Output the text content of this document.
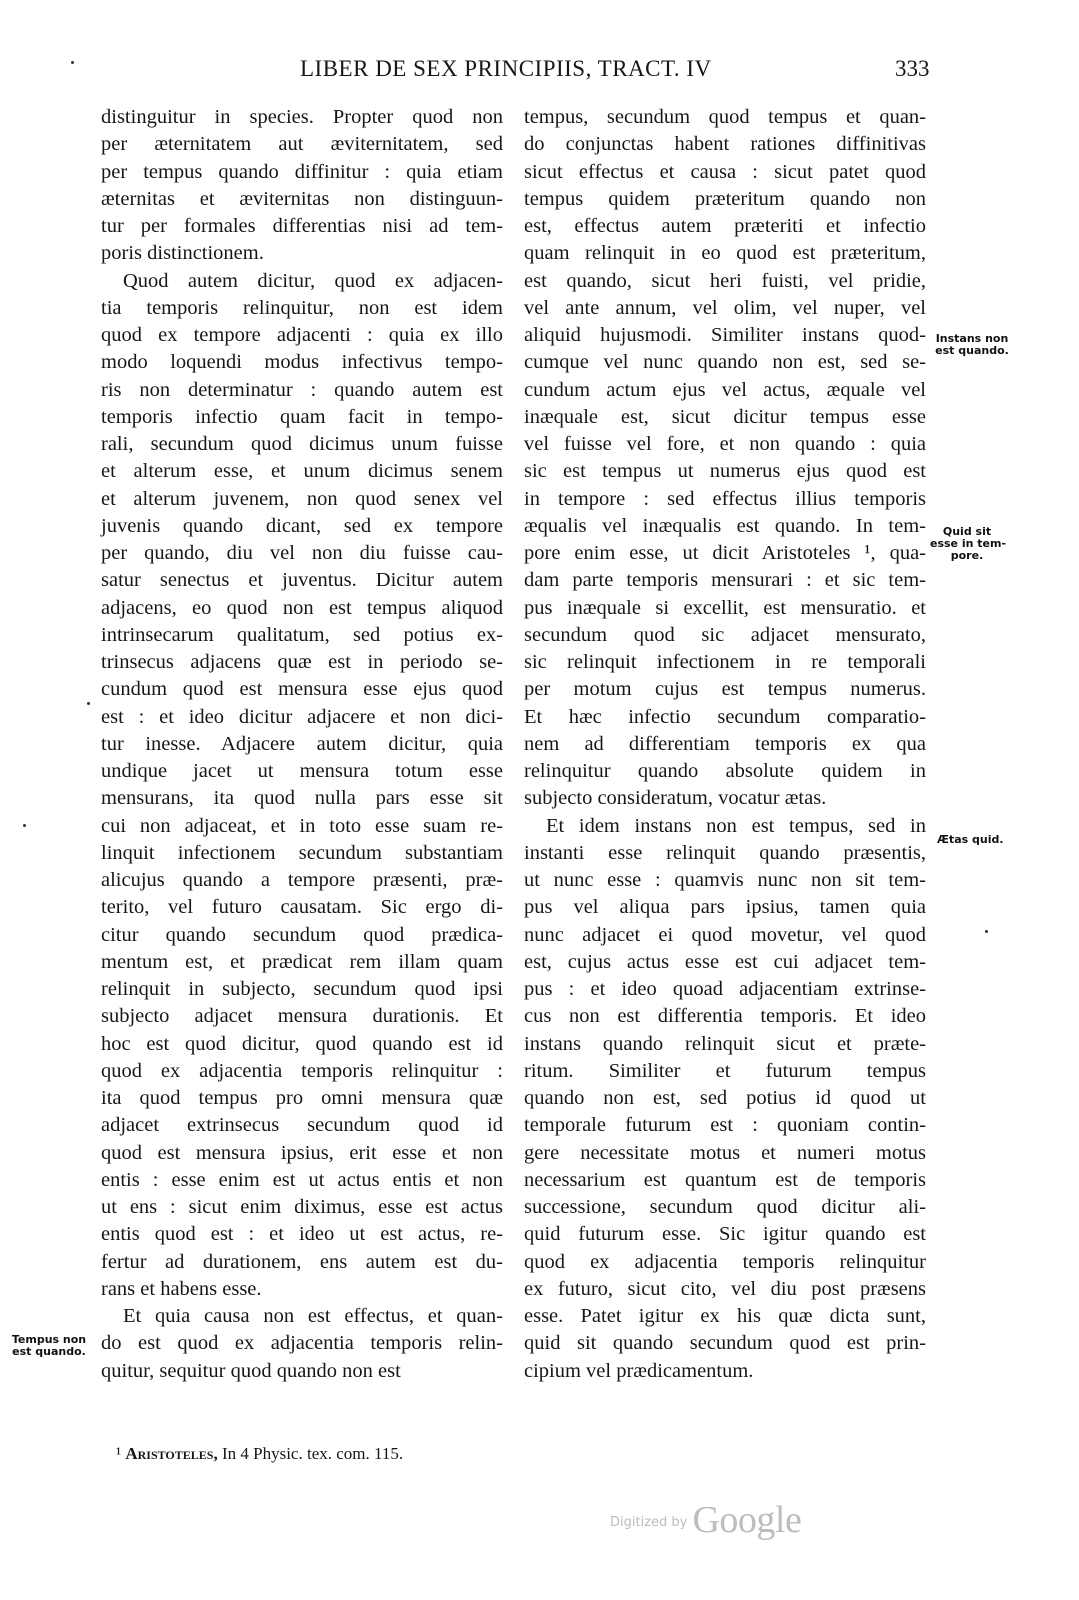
LIBER DE SEX PRINCIPIIS, TRACT. IV	333
distinguitur in species. Propter quod non
per æternitatem aut æviternitatem, sed
per tempus quando diffinitur : quia etiam
æternitas et æviternitas non distinguun-
tur per formales differentias nisi ad tem-
poris distinctionem.
Quod autem dicitur, quod ex adjacen-
tia temporis relinquitur, non est idem
quod ex tempore adjacenti : quia ex illo
modo loquendi modus infectivus tempo-
ris non determinatur : quando autem est
temporis infectio quam facit in tempo-
rali, secundum quod dicimus unum fuisse
et alterum esse, et unum dicimus senem
et alterum juvenem, non quod senex vel
juvenis quando dicant, sed ex tempore
per quando, diu vel non diu fuisse cau-
satur senectus et juventus. Dicitur autem
adjacens, eo quod non est tempus aliquod
intrinsecarum qualitatum, sed potius ex-
trinsecus adjacens quæ est in periodo se-
cundum quod est mensura esse ejus quod
est : et ideo dicitur adjacere et non dici-
tur inesse. Adjacere autem dicitur, quia
undique jacet ut mensura totum esse
mensurans, ita quod nulla pars esse sit
cui non adjaceat, et in toto esse suam re-
linquit infectionem secundum substantiam
alicujus quando a tempore præsenti, præ-
terito, vel futuro causatam. Sic ergo di-
citur quando secundum quod prædica-
mentum est, et prædicat rem illam quam
relinquit in subjecto, secundum quod ipsi
subjecto adjacet mensura durationis. Et
hoc est quod dicitur, quod quando est id
quod ex adjacentia temporis relinquitur :
ita quod tempus pro omni mensura quæ
adjacet extrinsecus secundum quod id
quod est mensura ipsius, erit esse et non
entis : esse enim est ut actus entis et non
ut ens : sicut enim diximus, esse est actus
entis quod est : et ideo ut est actus, re-
fertur ad durationem, ens autem est du-
rans et habens esse.
Et quia causa non est effectus, et quan-
do est quod ex adjacentia temporis relin-
quitur, sequitur quod quando non est
tempus, secundum quod tempus et quan-
do conjunctas habent rationes diffinitivas
sicut effectus et causa : sicut patet quod
tempus quidem præteritum quando non
est, effectus autem præteriti et infectio
quam relinquit in eo quod est præteritum,
est quando, sicut heri fuisti, vel pridie,
vel ante annum, vel olim, vel nuper, vel
aliquid hujusmodi. Similiter instans quod-
cumque vel nunc quando non est, sed se-
cundum actum ejus vel actus, æquale vel
inæquale est, sicut dicitur tempus esse
vel fuisse vel fore, et non quando : quia
sic est tempus ut numerus ejus quod est
in tempore : sed effectus illius temporis
æqualis vel inæqualis est quando. In tem-
pore enim esse, ut dicit Aristoteles ¹, qua-
dam parte temporis mensurari : et sic tem-
pus inæquale si excellit, est mensuratio. et
secundum quod sic adjacet mensurato,
sic relinquit infectionem in re temporali
per motum cujus est tempus numerus.
Et hæc infectio secundum comparatio-
nem ad differentiam temporis ex qua
relinquitur quando absolute quidem in
subjecto consideratum, vocatur ætas.
Et idem instans non est tempus, sed in
instanti esse relinquit quando præsentis,
ut nunc esse : quamvis nunc non sit tem-
pus vel aliqua pars ipsius, tamen quia
nunc adjacet ei quod movetur, vel quod
est, cujus actus esse est cui adjacet tem-
pus : et ideo quoad adjacentiam extrinse-
cus non est differentia temporis. Et ideo
instans quando relinquit sicut et præte-
ritum. Similiter et futurum tempus
quando non est, sed potius id quod ut
temporale futurum est : quoniam contin-
gere necessitate motus et numeri motus
necessarium est quantum est de temporis
successione, secundum quod dicitur ali-
quid futurum esse. Sic igitur quando est
quod ex adjacentia temporis relinquitur
ex futuro, sicut cito, vel diu post præsens
esse. Patet igitur ex his quæ dicta sunt,
quid sit quando secundum quod est prin-
cipium vel prædicamentum.
Instans non
est quando.
Quid sit
esse in tem-
pore.
Ætas quid.
Tempus non
est quando.
¹ Aristoteles, In 4 Physic. tex. com. 115.
$^{Digitized by}$ Google
